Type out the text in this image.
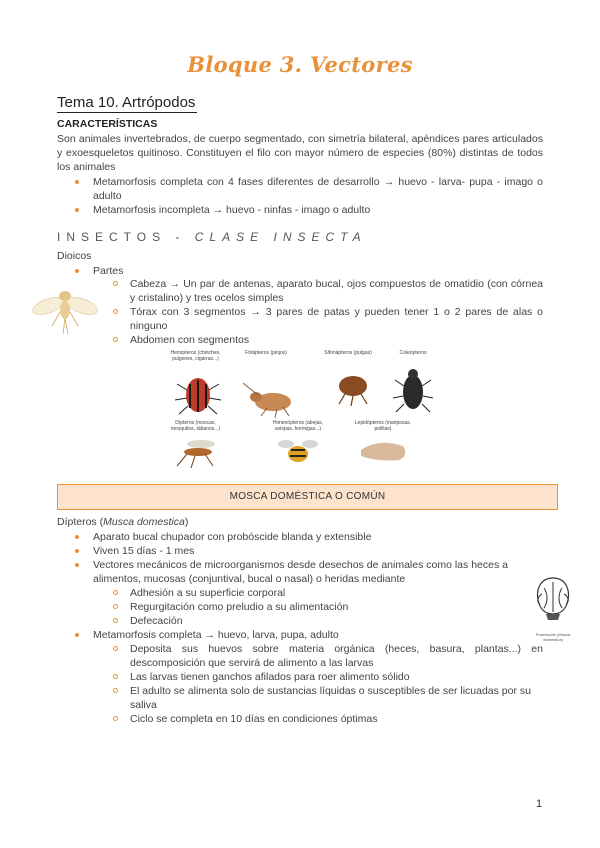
Bloque 3. Vectores
Tema 10. Artrópodos
CARACTERÍSTICAS
Son animales invertebrados, de cuerpo segmentado, con simetría bilateral, apéndices pares articulados y exoesqueletos quitinoso. Constituyen el filo con mayor número de especies (80%) distintas de todos los animales
Metamorfosis completa con 4 fases diferentes de desarrollo → huevo - larva- pupa - imago o adulto
Metamorfosis incompleta → huevo - ninfas - imago o adulto
INSECTOS - CLASE INSECTA
Dioicos
Partes
Cabeza → Un par de antenas, aparato bucal, ojos compuestos de omatidio (con córnea y cristalino) y tres ocelos simples
Tórax con 3 segmentos → 3 pares de patas y pueden tener 1 o 2 pares de alas o ninguno
Abdomen con segmentos
Hemípteros (chinches, pulgones, cigarras...)
Ftirápteros (piojos)	Sifonápteros (pulgas)	Coleópteros
Dípteros (moscas, mosquitos, tábanos...)
Himenópteros (abejas, avispas, hormigas...)
Lepidópteros (mariposas, polillas)
MOSCA DOMÉSTICA O COMÚN
Dípteros (Musca domestica)
Aparato bucal chupador con probóscide blanda y extensible
Viven 15 días - 1 mes
Vectores mecánicos de microorganismos desde desechos de animales como las heces a alimentos, mucosas (conjuntival, bucal o nasal) o heridas mediante
Adhesión a su superficie corporal
Regurgitación como preludio a su alimentación
Defecación
Metamorfosis completa → huevo, larva, pupa, adulto
Deposita sus huevos sobre materia orgánica (heces, basura, plantas...) en descomposición que servirá de alimento a las larvas
Las larvas tienen ganchos afilados para roer alimento sólido
El adulto se alimenta solo de sustancias líquidas o susceptibles de ser licuadas por su saliva
Ciclo se completa en 10 días en condiciones óptimas
Probóscide (Musca domestica)
1
